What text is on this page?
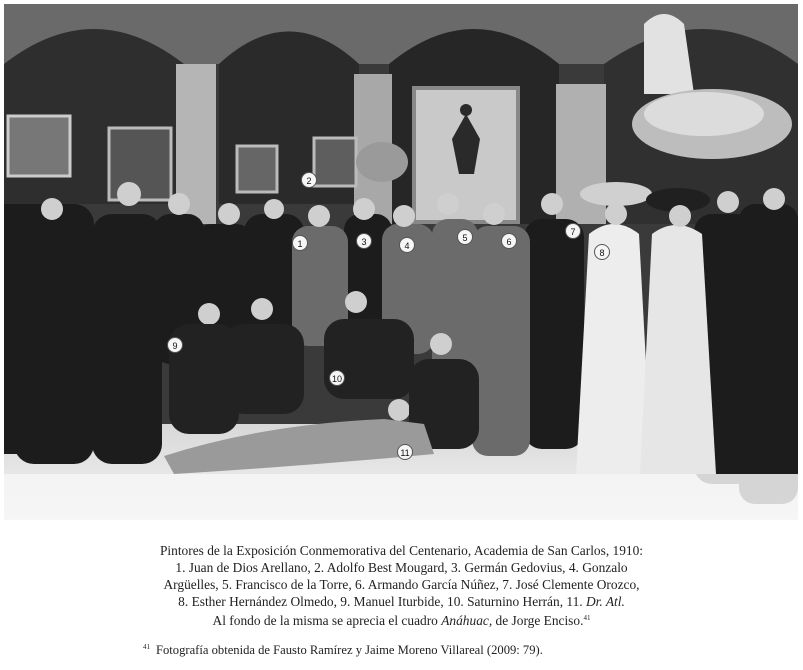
1
2
3	4
5	6
7
8
9
10
11

Pintores de la Exposición Conmemorativa del Centenario, Academia de San Carlos, 1910:

1. Juan de Dios Arellano, 2. Adolfo Best Mougard, 3. Germán Gedovius, 4. Gonzalo

Argüelles, 5. Francisco de la Torre, 6. Armando García Núñez, 7. José Clemente Orozco,

8. Esther Hernández Olmedo, 9. Manuel Iturbide, 10. Saturnino Herrán, 11. Dr. Atl.

Al fondo de la misma se aprecia el cuadro Anáhuac, de Jorge Enciso.$^{41}$

$^{41}$ Fotografía obtenida de Fausto Ramírez y Jaime Moreno Villareal (2009: 79).
